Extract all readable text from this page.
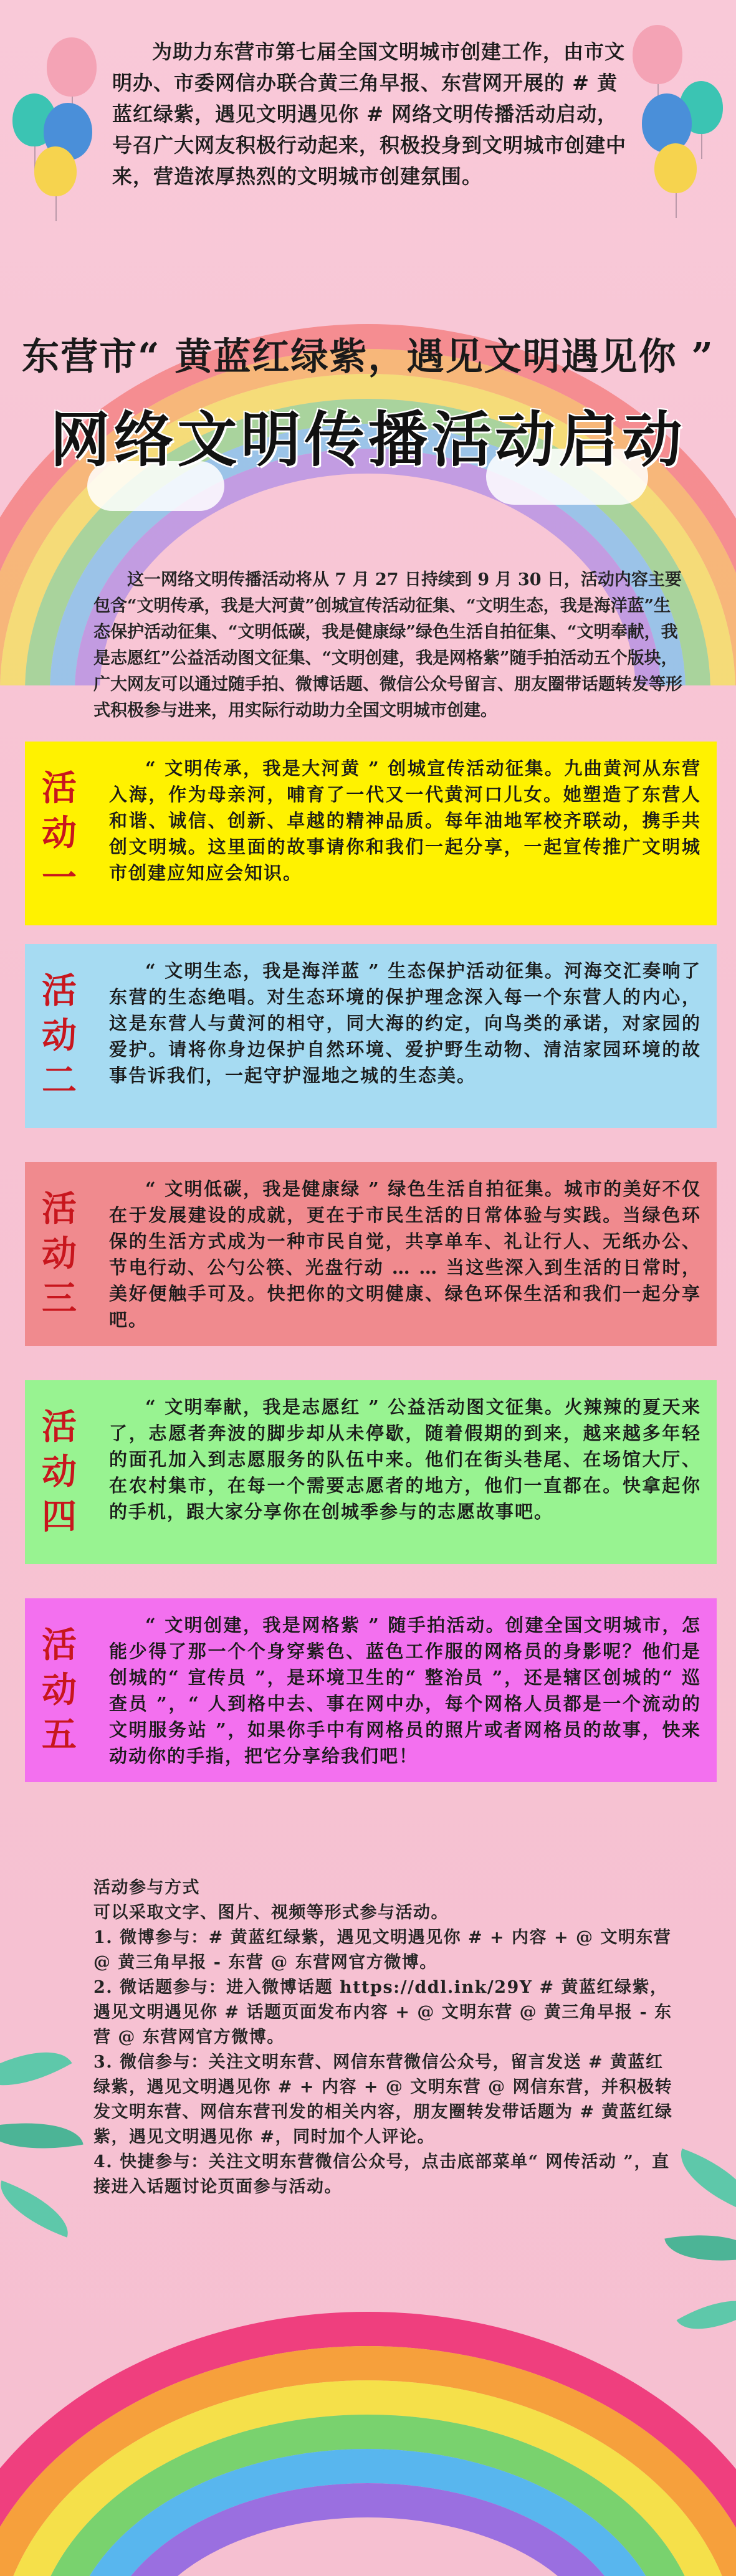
为助力东营市第七届全国文明城市创建工作，由市文明办、市委网信办联合黄三角早报、东营网开展的 # 黄蓝红绿紫，遇见文明遇见你 # 网络文明传播活动启动，号召广大网友积极行动起来，积极投身到文明城市创建中来，营造浓厚热烈的文明城市创建氛围。
东营市“ 黄蓝红绿紫，遇见文明遇见你 ”
网络文明传播活动启动
这一网络文明传播活动将从 7 月 27 日持续到 9 月 30 日，活动内容主要包含“文明传承，我是大河黄”创城宣传活动征集、“文明生态，我是海洋蓝”生态保护活动征集、“文明低碳，我是健康绿”绿色生活自拍征集、“文明奉献，我是志愿红”公益活动图文征集、“文明创建，我是网格紫”随手拍活动五个版块，广大网友可以通过随手拍、微博话题、微信公众号留言、朋友圈带话题转发等形式积极参与进来，用实际行动助力全国文明城市创建。
活
动
一
“ 文明传承，我是大河黄 ” 创城宣传活动征集。九曲黄河从东营入海，作为母亲河，哺育了一代又一代黄河口儿女。她塑造了东营人和谐、诚信、创新、卓越的精神品质。每年油地军校齐联动，携手共创文明城。这里面的故事请你和我们一起分享，一起宣传推广文明城市创建应知应会知识。
活
动
二
“ 文明生态，我是海洋蓝 ” 生态保护活动征集。河海交汇奏响了东营的生态绝唱。对生态环境的保护理念深入每一个东营人的内心，这是东营人与黄河的相守，同大海的约定，向鸟类的承诺，对家园的爱护。请将你身边保护自然环境、爱护野生动物、清洁家园环境的故事告诉我们，一起守护湿地之城的生态美。
活
动
三
“ 文明低碳，我是健康绿 ” 绿色生活自拍征集。城市的美好不仅在于发展建设的成就，更在于市民生活的日常体验与实践。当绿色环保的生活方式成为一种市民自觉，共享单车、礼让行人、无纸办公、节电行动、公勺公筷、光盘行动 … … 当这些深入到生活的日常时，美好便触手可及。快把你的文明健康、绿色环保生活和我们一起分享吧。
活
动
四
“ 文明奉献，我是志愿红 ” 公益活动图文征集。火辣辣的夏天来了，志愿者奔波的脚步却从未停歇，随着假期的到来，越来越多年轻的面孔加入到志愿服务的队伍中来。他们在街头巷尾、在场馆大厅、在农村集市，在每一个需要志愿者的地方，他们一直都在。快拿起你的手机，跟大家分享你在创城季参与的志愿故事吧。
活
动
五
“ 文明创建，我是网格紫 ” 随手拍活动。创建全国文明城市，怎能少得了那一个个身穿紫色、蓝色工作服的网格员的身影呢？他们是创城的“ 宣传员 ”，是环境卫生的“ 整治员 ”，还是辖区创城的“ 巡查员 ”，“ 人到格中去、事在网中办，每个网格人员都是一个流动的文明服务站 ”，如果你手中有网格员的照片或者网格员的故事，快来动动你的手指，把它分享给我们吧！

活动参与方式

可以采取文字、图片、视频等形式参与活动。

1. 微博参与：# 黄蓝红绿紫，遇见文明遇见你 # + 内容 + @ 文明东营 @ 黄三角早报 - 东营 @ 东营网官方微博。

2. 微话题参与：进入微博话题 https://ddl.ink/29Y # 黄蓝红绿紫，遇见文明遇见你 # 话题页面发布内容 + @ 文明东营 @ 黄三角早报 - 东营 @ 东营网官方微博。

3. 微信参与：关注文明东营、网信东营微信公众号，留言发送 # 黄蓝红绿紫，遇见文明遇见你 # + 内容 + @ 文明东营 @ 网信东营，并积极转发文明东营、网信东营刊发的相关内容，朋友圈转发带话题为 # 黄蓝红绿紫，遇见文明遇见你 #，同时加个人评论。

4. 快捷参与：关注文明东营微信公众号，点击底部菜单“ 网传活动 ”，直接进入话题讨论页面参与活动。
